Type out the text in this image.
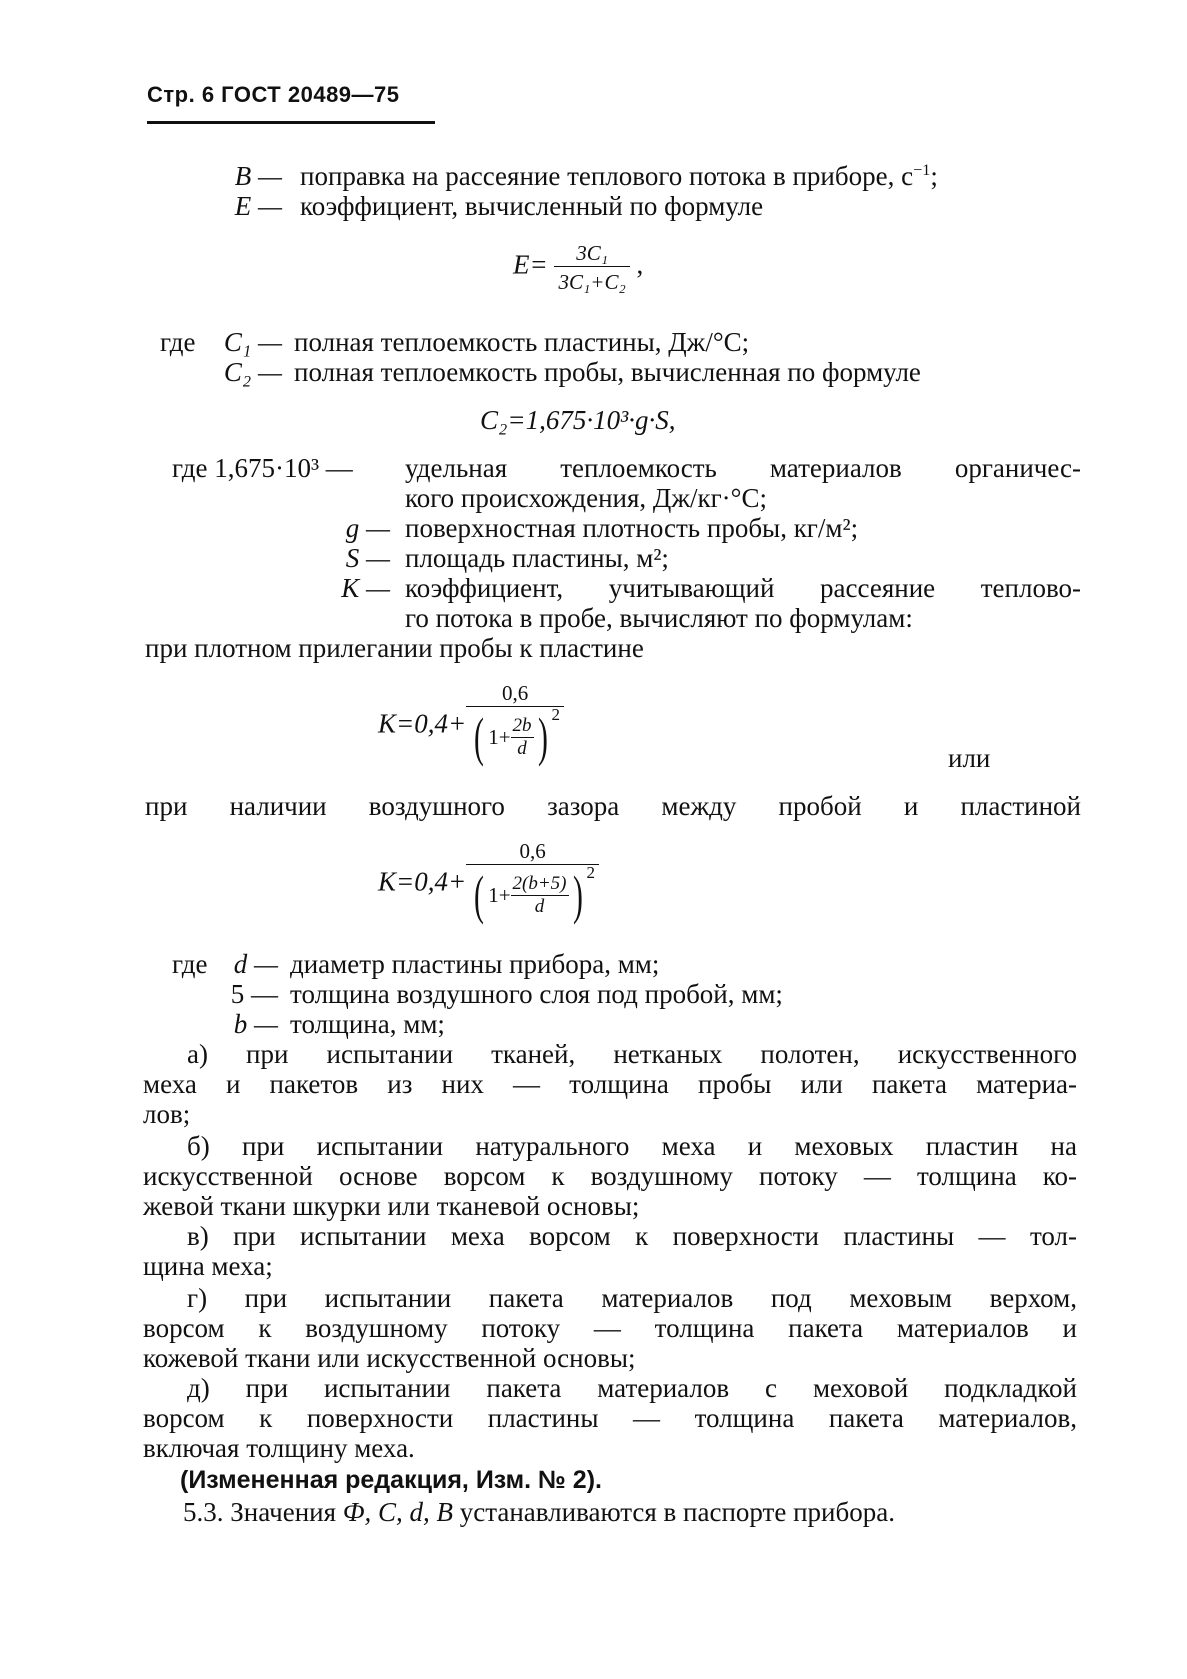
Стр. 6 ГОСТ 20489—75
B — поправка на рассеяние теплового потока в приборе, $с^{-1}$;
E — коэффициент, вычисленный по формуле
$E= \frac{\text{3C₁}}{\text{3C₁+C₂}}$ ,
где	C₁ — полная теплоемкость пластины, Дж/°С;
C₂ — полная теплоемкость пробы, вычисленная по формуле
C₂=1,675·10³·g·S,
где 1,675·10³ — удельная теплоемкость материалов органичес-
кого происхождения, Дж/кг·°С;
g — поверхностная плотность пробы, кг/м²;
S — площадь пластины, м²;
K — коэффициент, учитывающий рассеяние теплово-
го потока в пробе, вычисляют по формулам:
при плотном прилегании пробы к пластине
$K=0,4+ \frac{0,6}{( 1+ \frac{2b}{d} ) ^2}$	или
при наличии воздушного зазора между пробой и пластиной
$K=0,4+ \frac{0,6}{( 1+ \frac{2(b+5)}{d} ) ^2}$
где d — диаметр пластины прибора, мм;
5 — толщина воздушного слоя под пробой, мм;
b — толщина, мм;
а) при испытании тканей, нетканых полотен, искусственного
меха и пакетов из них — толщина пробы или пакета материа-
лов;
б) при испытании натурального меха и меховых пластин на
искусственной основе ворсом к воздушному потоку — толщина ко-
жевой ткани шкурки или тканевой основы;
в) при испытании меха ворсом к поверхности пластины — тол-
щина меха;
г) при испытании пакета материалов под меховым верхом,
ворсом к воздушному потоку — толщина пакета материалов и
кожевой ткани или искусственной основы;
д) при испытании пакета материалов с меховой подкладкой
ворсом к поверхности пластины — толщина пакета материалов,
включая толщину меха.
(Измененная редакция, Изм. № 2).
5.3. Значения Ф, С, d, B устанавливаются в паспорте прибора.
